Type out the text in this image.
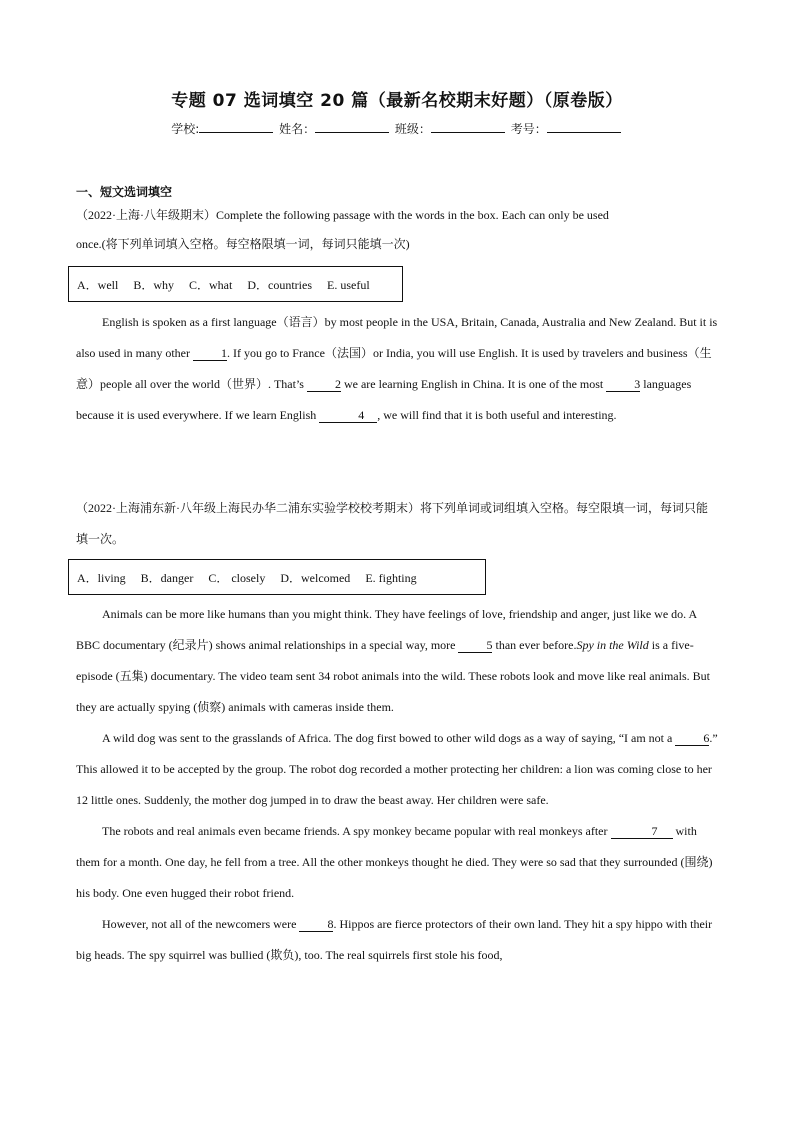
专题 07 选词填空 20 篇（最新名校期末好题）（原卷版）
学校:	姓名：	班级：	考号：
一、短文选词填空
（2022·上海·八年级期末）Complete the following passage with the words in the box. Each can only be used
once.(将下列单词填入空格。每空格限填一词，每词只能填一次)
A．well B．why C．what D．countries E. useful
English is spoken as a first language（语言）by most people in the USA, Britain, Canada, Australia and New Zealand. But it is also used in many other	1. If you go to France（法国）or India, you will use English. It is used by travelers and business（生意）people all over the world（世界）. That’s	2 we are learning English in China. It is one of the most	3 languages because it is used everywhere. If we learn English	4 , we will find that it is both useful and interesting.
（2022·上海浦东新·八年级上海民办华二浦东实验学校校考期末）将下列单词或词组填入空格。每空限填一词，每词只能填一次。
A．living B．danger C． closely D．welcomed E. fighting
Animals can be more like humans than you might think. They have feelings of love, friendship and anger, just like we do. A BBC documentary (纪录片) shows animal relationships in a special way, more	5 than ever before.Spy in the Wild is a five-episode (五集) documentary. The video team sent 34 robot animals into the wild. These robots look and move like real animals. But they are actually spying (侦察) animals with cameras inside them.
A wild dog was sent to the grasslands of Africa. The dog first bowed to other wild dogs as a way of saying, “I am not a	6.” This allowed it to be accepted by the group. The robot dog recorded a mother protecting her children: a lion was coming close to her 12 little ones. Suddenly, the mother dog jumped in to draw the beast away. Her children were safe.
The robots and real animals even became friends. A spy monkey became popular with real monkeys after	7 with them for a month. One day, he fell from a tree. All the other monkeys thought he died. They were so sad that they surrounded (围绕) his body. One even hugged their robot friend.
However, not all of the newcomers were	8. Hippos are fierce protectors of their own land. They hit a spy hippo with their big heads. The spy squirrel was bullied (欺负), too. The real squirrels first stole his food,
